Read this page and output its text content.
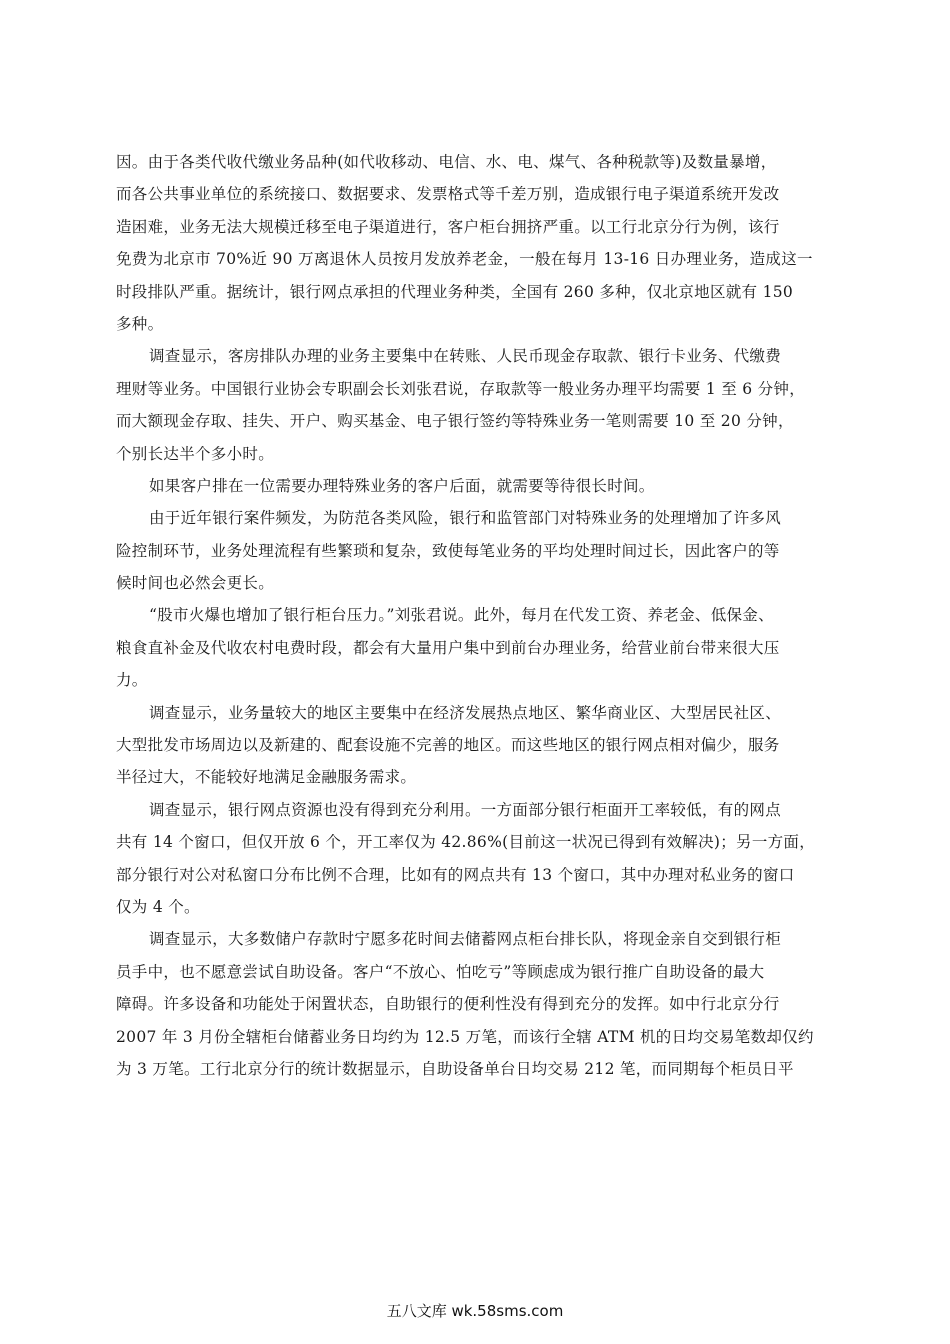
因。由于各类代收代缴业务品种(如代收移动、电信、水、电、煤气、各种税款等)及数量暴增，
而各公共事业单位的系统接口、数据要求、发票格式等千差万别，造成银行电子渠道系统开发改
造困难，业务无法大规模迁移至电子渠道进行，客户柜台拥挤严重。以工行北京分行为例，该行
免费为北京市 70%近 90 万离退休人员按月发放养老金，一般在每月 13-16 日办理业务，造成这一
时段排队严重。据统计，银行网点承担的代理业务种类，全国有 260 多种，仅北京地区就有 150
多种。
调查显示，客房排队办理的业务主要集中在转账、人民币现金存取款、银行卡业务、代缴费
理财等业务。中国银行业协会专职副会长刘张君说，存取款等一般业务办理平均需要 1 至 6 分钟，
而大额现金存取、挂失、开户、购买基金、电子银行签约等特殊业务一笔则需要 10 至 20 分钟，
个别长达半个多小时。
如果客户排在一位需要办理特殊业务的客户后面，就需要等待很长时间。
由于近年银行案件频发，为防范各类风险，银行和监管部门对特殊业务的处理增加了许多风
险控制环节，业务处理流程有些繁琐和复杂，致使每笔业务的平均处理时间过长，因此客户的等
候时间也必然会更长。
“股市火爆也增加了银行柜台压力。”刘张君说。此外，每月在代发工资、养老金、低保金、
粮食直补金及代收农村电费时段，都会有大量用户集中到前台办理业务，给营业前台带来很大压
力。
调查显示，业务量较大的地区主要集中在经济发展热点地区、繁华商业区、大型居民社区、
大型批发市场周边以及新建的、配套设施不完善的地区。而这些地区的银行网点相对偏少，服务
半径过大，不能较好地满足金融服务需求。
调查显示，银行网点资源也没有得到充分利用。一方面部分银行柜面开工率较低，有的网点
共有 14 个窗口，但仅开放 6 个，开工率仅为 42.86%(目前这一状况已得到有效解决)；另一方面，
部分银行对公对私窗口分布比例不合理，比如有的网点共有 13 个窗口，其中办理对私业务的窗口
仅为 4 个。
调查显示，大多数储户存款时宁愿多花时间去储蓄网点柜台排长队，将现金亲自交到银行柜
员手中，也不愿意尝试自助设备。客户“不放心、怕吃亏”等顾虑成为银行推广自助设备的最大
障碍。许多设备和功能处于闲置状态，自助银行的便利性没有得到充分的发挥。如中行北京分行
2007 年 3 月份全辖柜台储蓄业务日均约为 12.5 万笔，而该行全辖 ATM 机的日均交易笔数却仅约
为 3 万笔。工行北京分行的统计数据显示，自助设备单台日均交易 212 笔，而同期每个柜员日平
五八文库 wk.58sms.com
